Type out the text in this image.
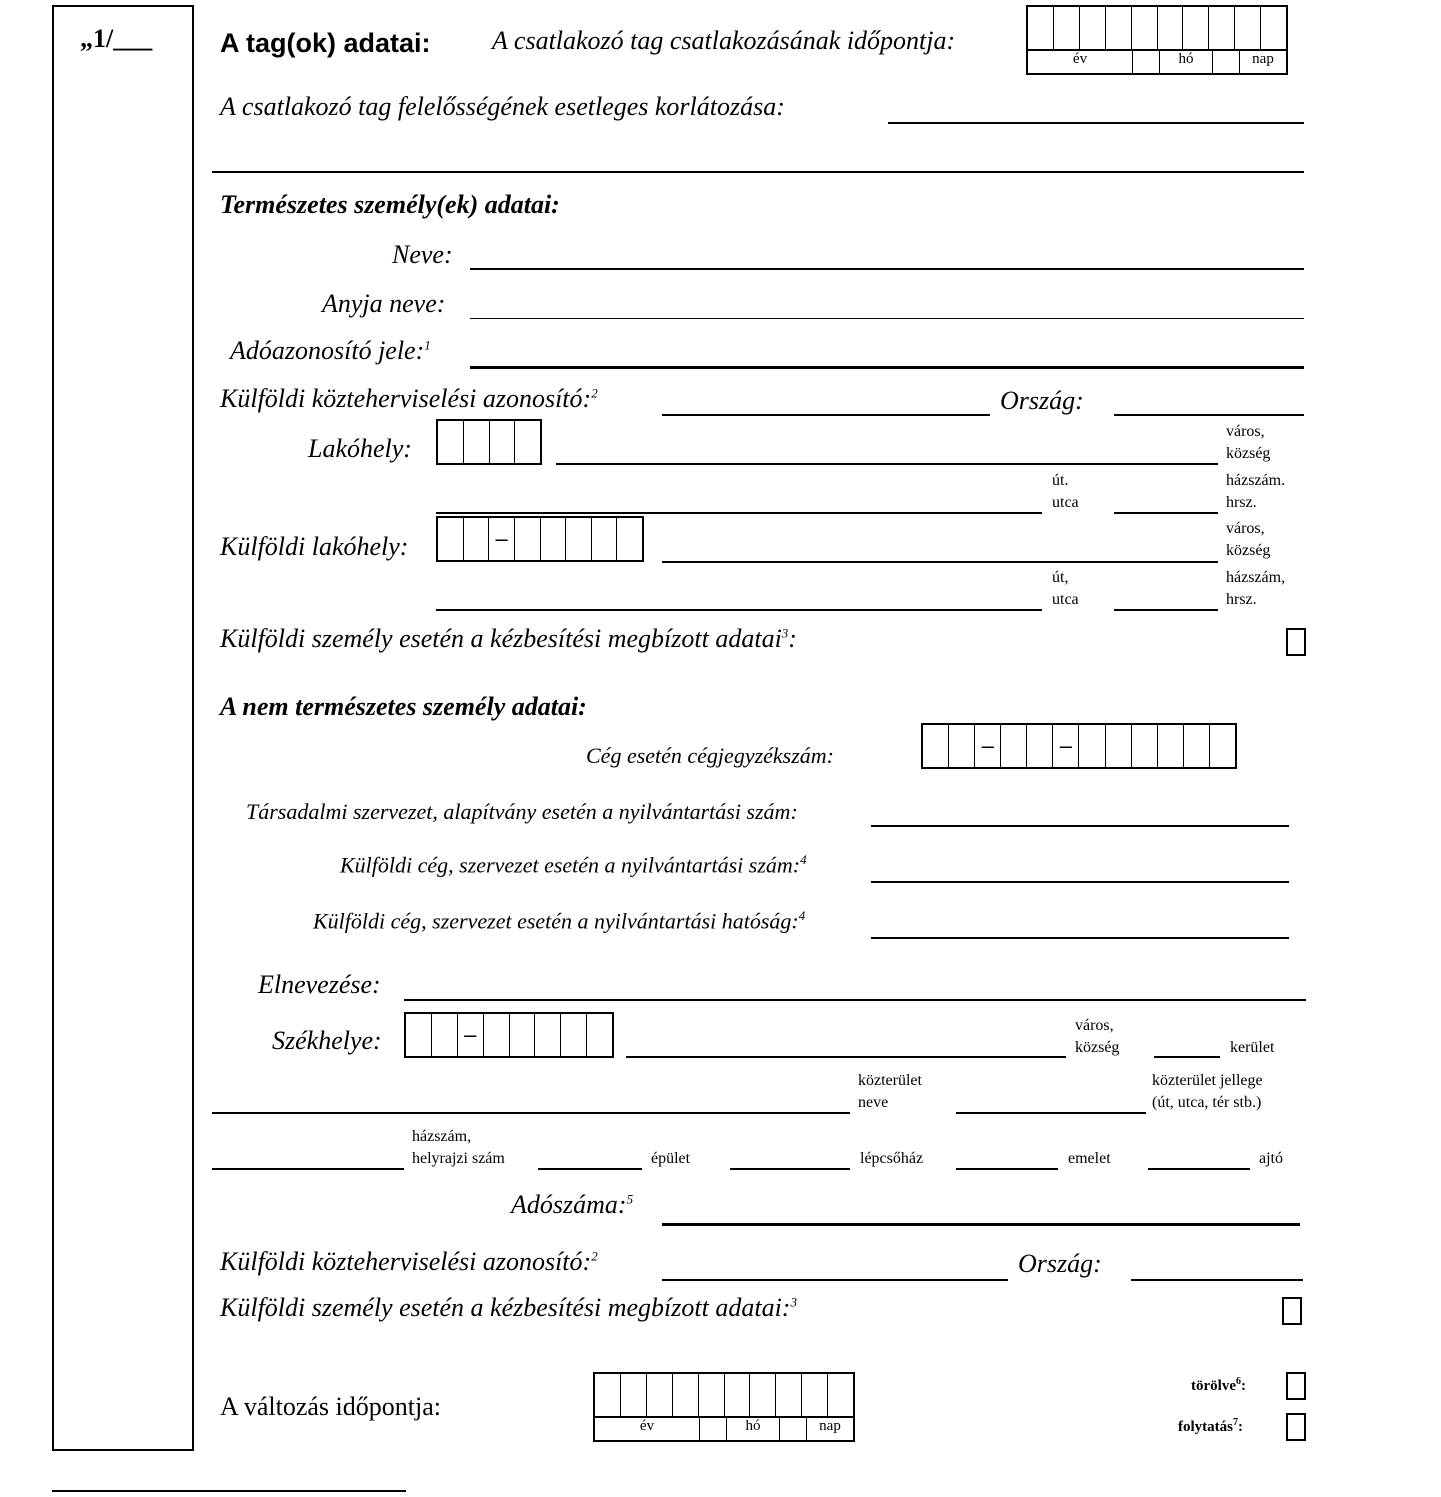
„1/___	A tag(ok) adatai: A csatlakozó tag csatlakozásának időpontja:
év	hó	nap
A csatlakozó tag felelősségének esetleges korlátozása:
Természetes személy(ek) adatai:
Neve:
Anyja neve:
Adóazonosító jele:$^1$
Külföldi közteherviselési azonosító:$^2$	Ország:
Lakóhely:
város,
község
út.
utca
házszám.
hrsz.
Külföldi lakóhely:	–	város,
község
út,
utca
házszám,
hrsz.
Külföldi személy esetén a kézbesítési megbízott adatai$^3$:
A nem természetes személy adatai:
Cég esetén cégjegyzékszám:	–	–
Társadalmi szervezet, alapítvány esetén a nyilvántartási szám:
Külföldi cég, szervezet esetén a nyilvántartási szám:$^4$
Külföldi cég, szervezet esetén a nyilvántartási hatóság:$^4$
Elnevezése:
Székhelye:	–	város,
község	kerület
közterület
neve
közterület jellege
(út, utca, tér stb.)
házszám,
helyrajzi szám	épület	lépcsőház	emelet	ajtó
Adószáma:$^5$
Külföldi közteherviselési azonosító:$^2$	Ország:
Külföldi személy esetén a kézbesítési megbízott adatai:$^3$
A változás időpontja:
év	hó	nap
törölve$^6$:
folytatás$^7$:
